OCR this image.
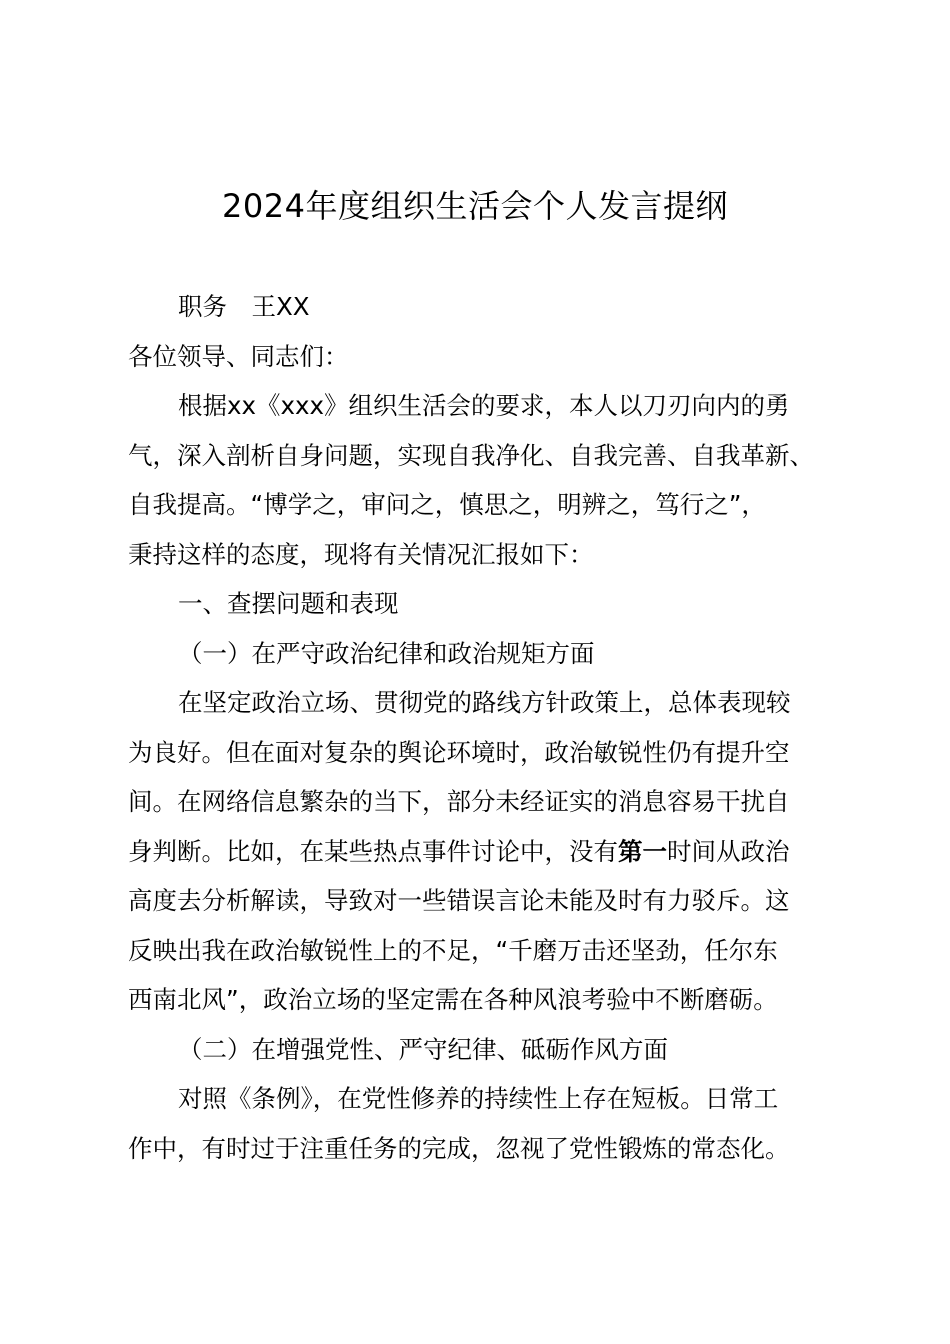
2024年度组织生活会个人发言提纲
职务　王XX
各位领导、同志们：
根据xx《xxx》组织生活会的要求，本人以刀刃向内的勇
气，深入剖析自身问题，实现自我净化、自我完善、自我革新、
自我提高。“博学之，审问之，慎思之，明辨之，笃行之”，
秉持这样的态度，现将有关情况汇报如下：
一、查摆问题和表现
（一）在严守政治纪律和政治规矩方面
在坚定政治立场、贯彻党的路线方针政策上，总体表现较
为良好。但在面对复杂的舆论环境时，政治敏锐性仍有提升空
间。在网络信息繁杂的当下，部分未经证实的消息容易干扰自
身判断。比如，在某些热点事件讨论中，没有第一时间从政治
高度去分析解读，导致对一些错误言论未能及时有力驳斥。这
反映出我在政治敏锐性上的不足，“千磨万击还坚劲，任尔东
西南北风”，政治立场的坚定需在各种风浪考验中不断磨砺。
（二）在增强党性、严守纪律、砥砺作风方面
对照《条例》，在党性修养的持续性上存在短板。日常工
作中，有时过于注重任务的完成，忽视了党性锻炼的常态化。
